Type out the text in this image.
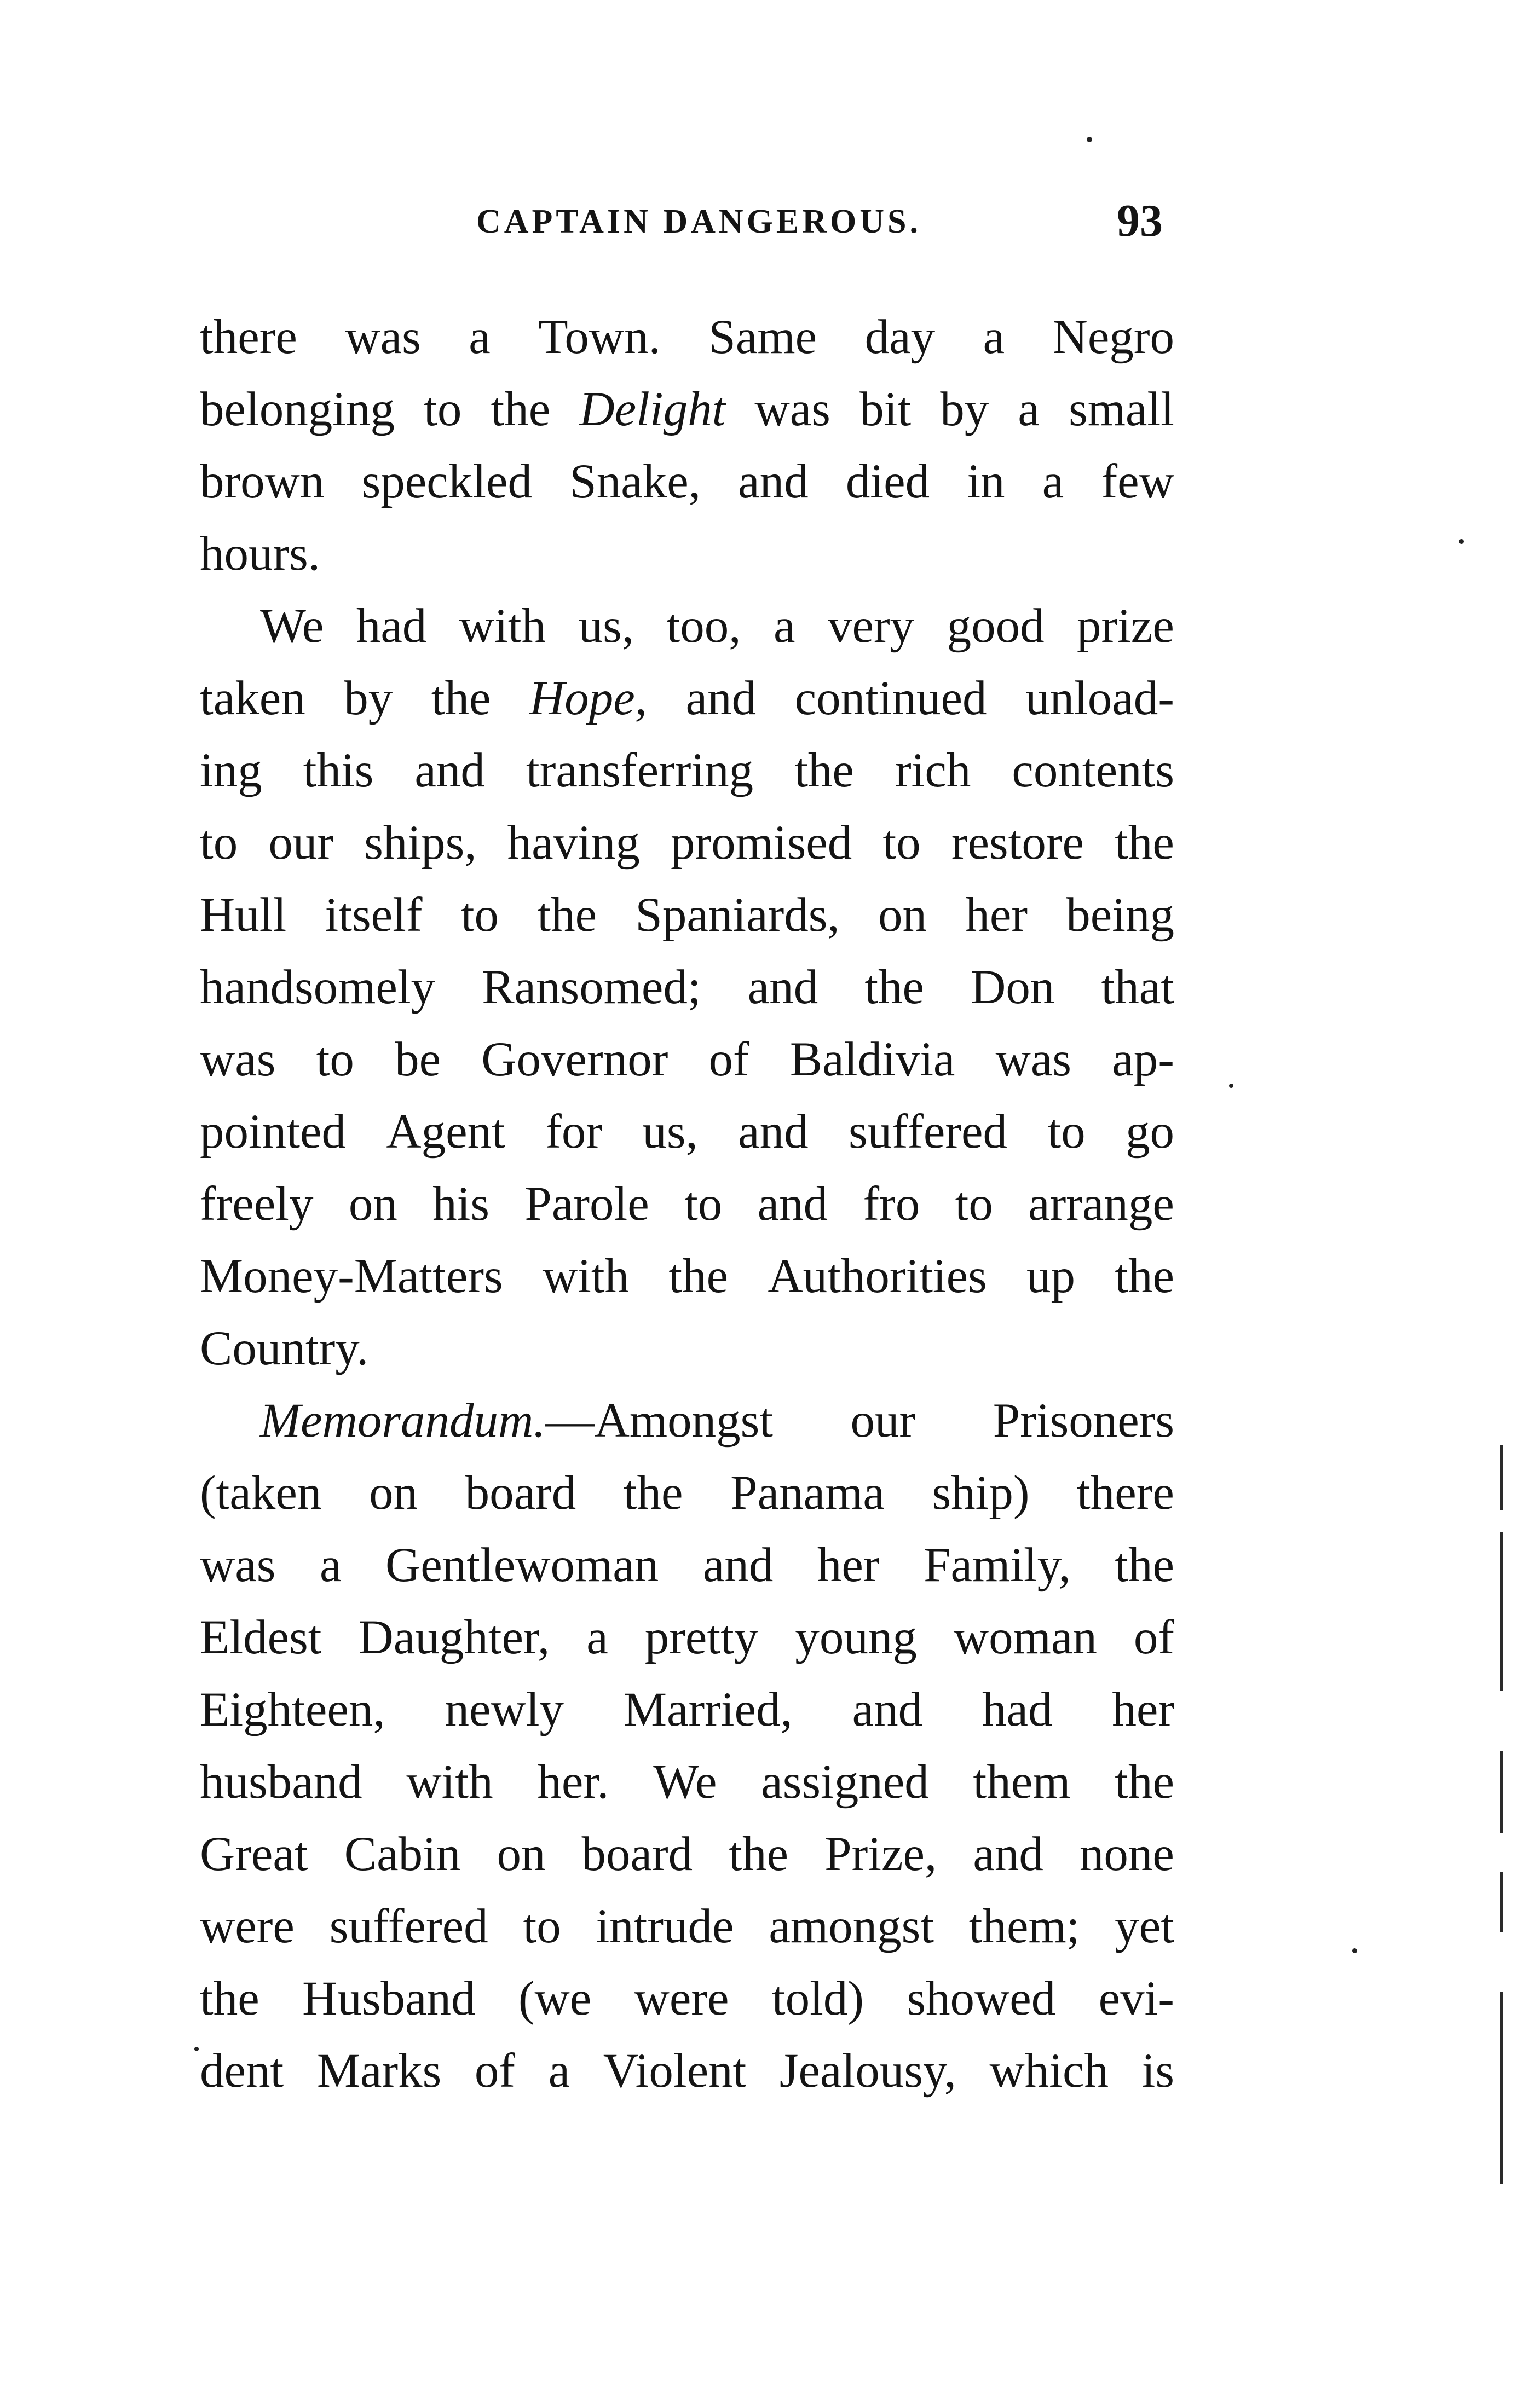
CAPTAIN DANGEROUS.	93
there was a Town. Same day a Negro
belonging to the Delight was bit by a small
brown speckled Snake, and died in a few
hours.
We had with us, too, a very good prize
taken by the Hope, and continued unload-
ing this and transferring the rich contents
to our ships, having promised to restore the
Hull itself to the Spaniards, on her being
handsomely Ransomed; and the Don that
was to be Governor of Baldivia was ap-
pointed Agent for us, and suffered to go
freely on his Parole to and fro to arrange
Money-Matters with the Authorities up the
Country.
Memorandum.—Amongst our Prisoners
(taken on board the Panama ship) there
was a Gentlewoman and her Family, the
Eldest Daughter, a pretty young woman of
Eighteen, newly Married, and had her
husband with her. We assigned them the
Great Cabin on board the Prize, and none
were suffered to intrude amongst them; yet
the Husband (we were told) showed evi-
dent Marks of a Violent Jealousy, which is
